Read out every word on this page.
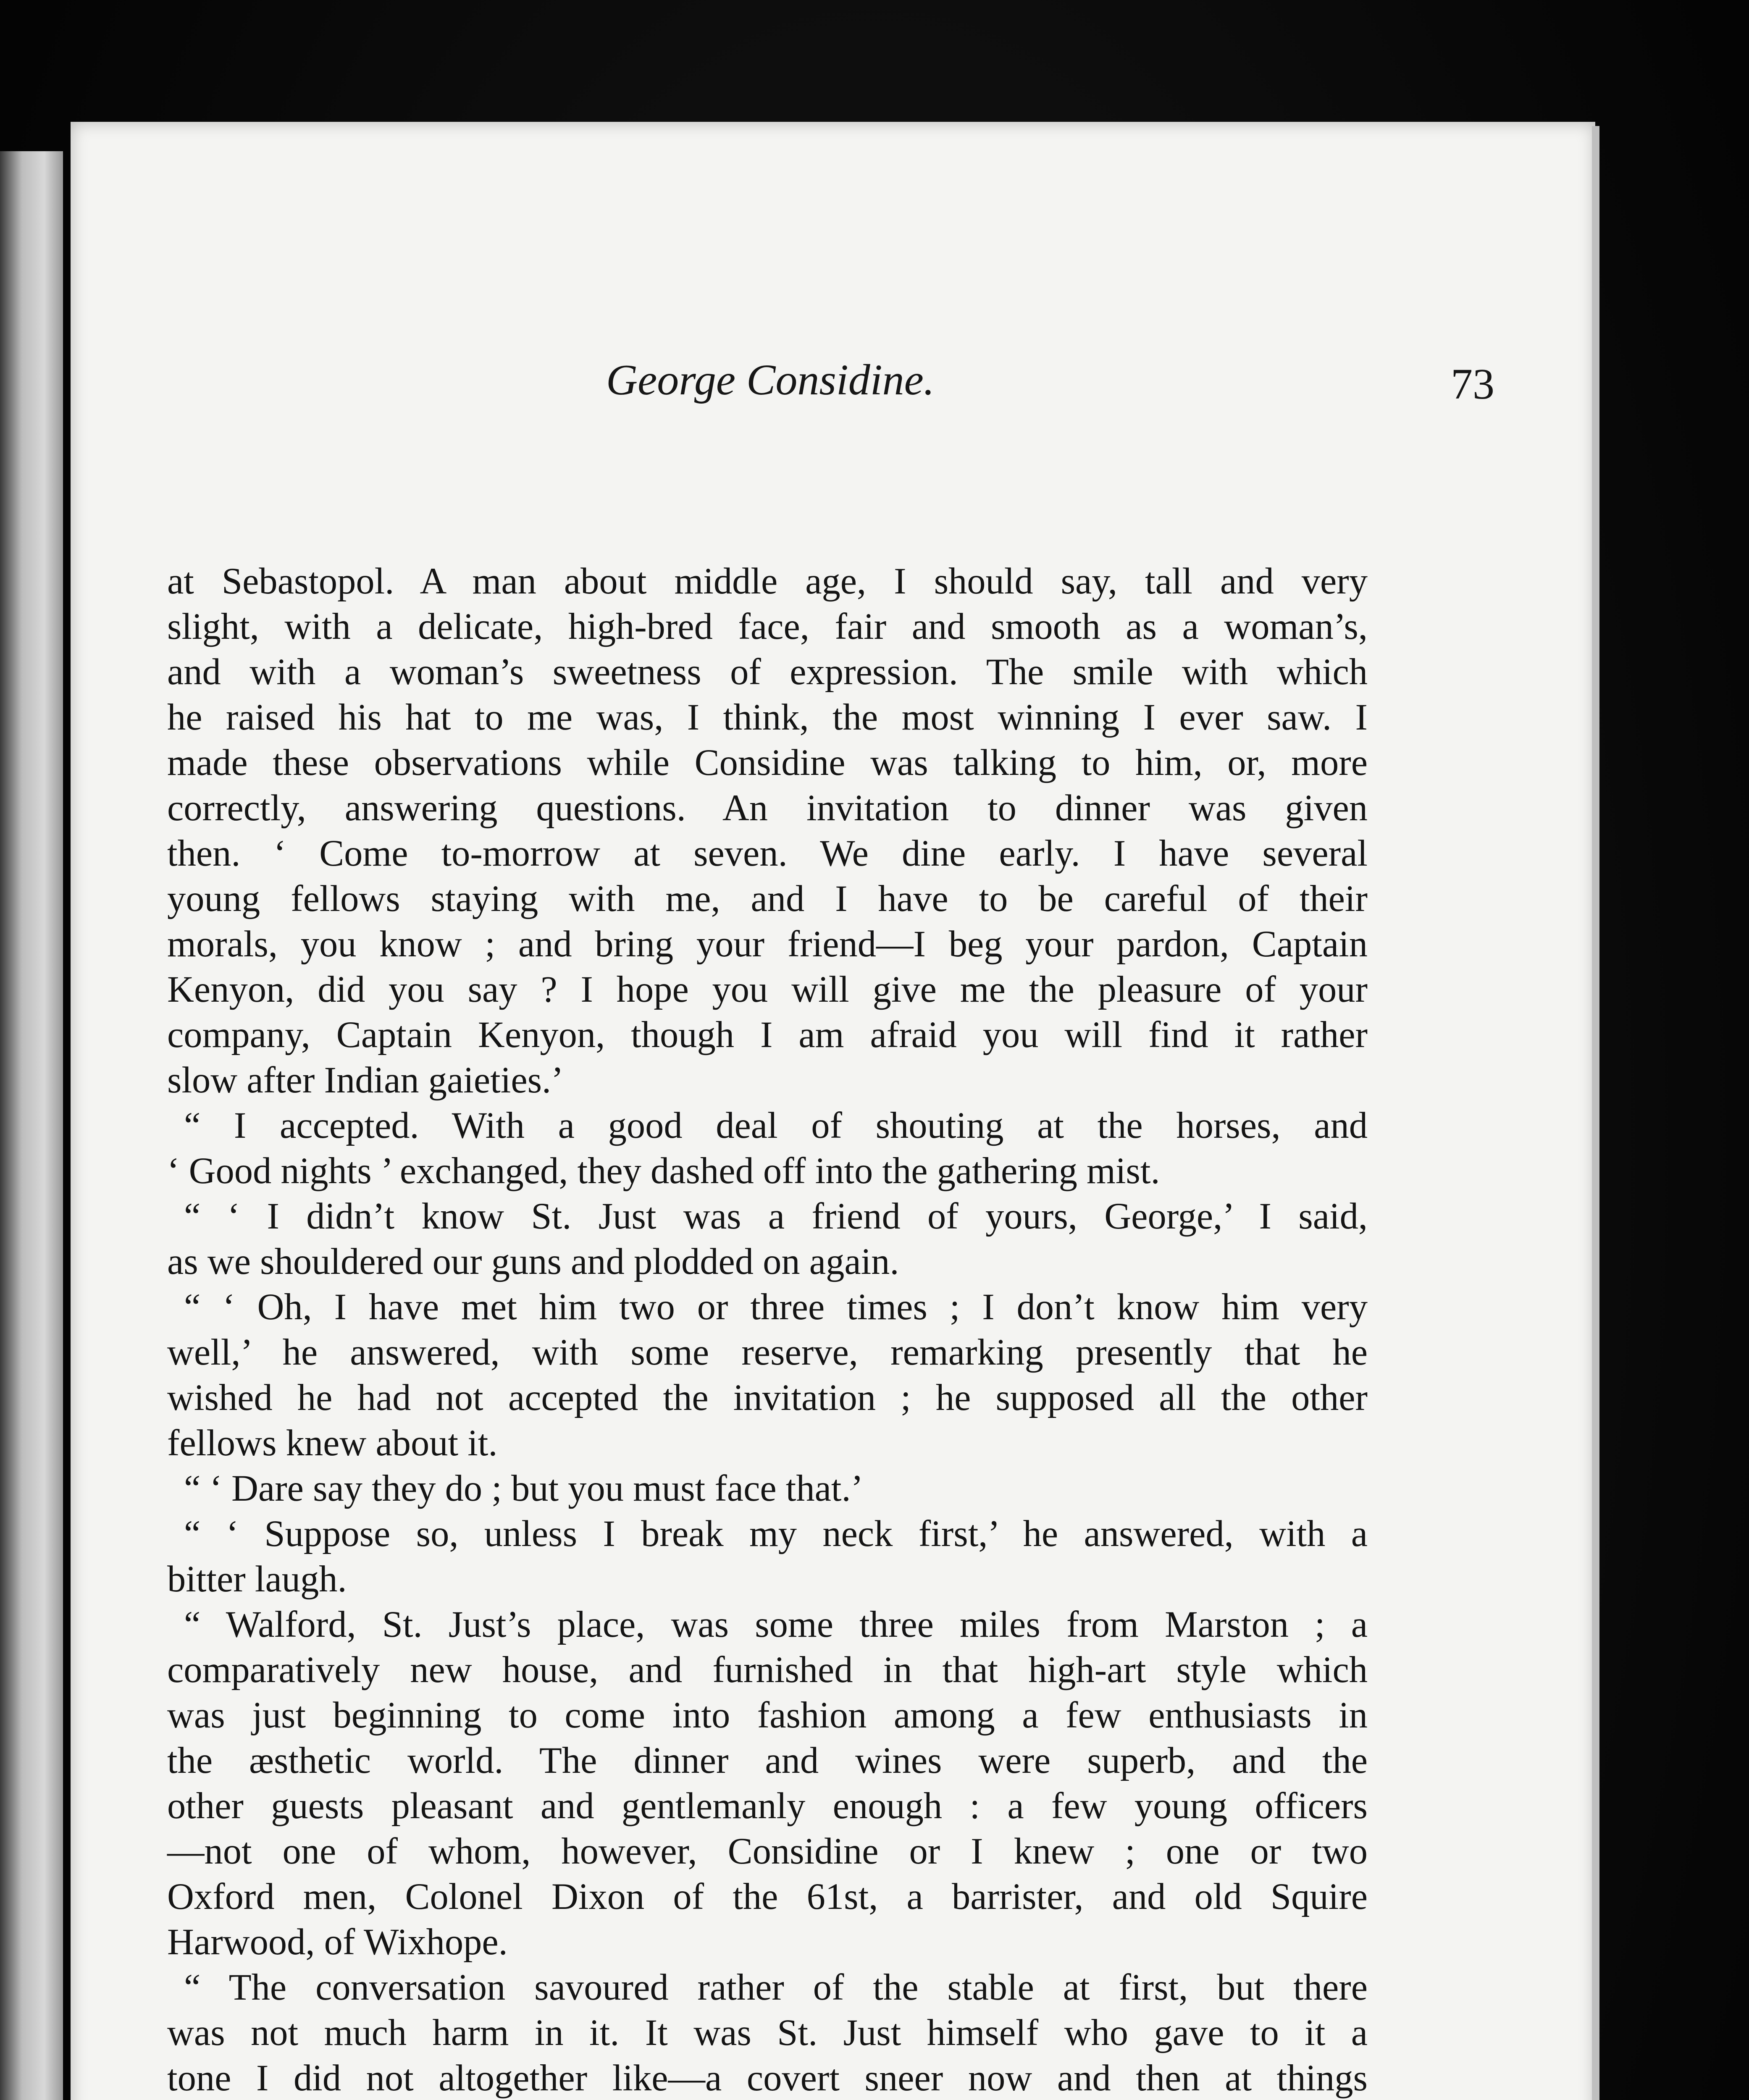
George Considine.	73
at Sebastopol. A man about middle age, I should say, tall and very
slight, with a delicate, high-bred face, fair and smooth as a woman’s,
and with a woman’s sweetness of expression. The smile with which
he raised his hat to me was, I think, the most winning I ever saw. I
made these observations while Considine was talking to him, or, more
correctly, answering questions. An invitation to dinner was given
then. ‘ Come to-morrow at seven. We dine early. I have several
young fellows staying with me, and I have to be careful of their
morals, you know ; and bring your friend—I beg your pardon, Captain
Kenyon, did you say ? I hope you will give me the pleasure of your
company, Captain Kenyon, though I am afraid you will find it rather
slow after Indian gaieties.’
“ I accepted. With a good deal of shouting at the horses, and
‘ Good nights ’ exchanged, they dashed off into the gathering mist.
“ ‘ I didn’t know St. Just was a friend of yours, George,’ I said,
as we shouldered our guns and plodded on again.
“ ‘ Oh, I have met him two or three times ; I don’t know him very
well,’ he answered, with some reserve, remarking presently that he
wished he had not accepted the invitation ; he supposed all the other
fellows knew about it.
“ ‘ Dare say they do ; but you must face that.’
“ ‘ Suppose so, unless I break my neck first,’ he answered, with a
bitter laugh.
“ Walford, St. Just’s place, was some three miles from Marston ; a
comparatively new house, and furnished in that high-art style which
was just beginning to come into fashion among a few enthusiasts in
the æsthetic world. The dinner and wines were superb, and the
other guests pleasant and gentlemanly enough : a few young officers
—not one of whom, however, Considine or I knew ; one or two
Oxford men, Colonel Dixon of the 61st, a barrister, and old Squire
Harwood, of Wixhope.
“ The conversation savoured rather of the stable at first, but there
was not much harm in it. It was St. Just himself who gave to it a
tone I did not altogether like—a covert sneer now and then at things
